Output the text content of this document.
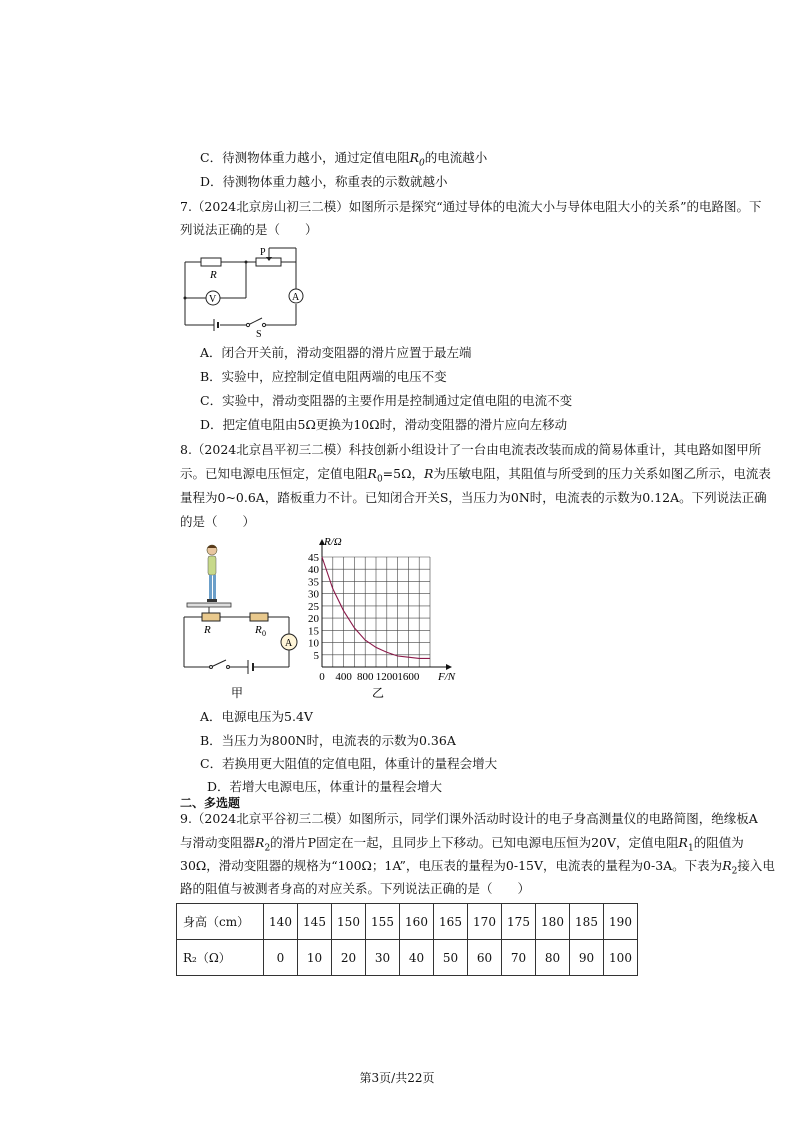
C．待测物体重力越小，通过定值电阻$R_0$的电流越小
D．待测物体重力越小，称重表的示数就越小
7.（2024北京房山初三二模）如图所示是探究“通过导体的电流大小与导体电阻大小的关系”的电路图。下
列说法正确的是（　　）
R
P
V	A
S
A．闭合开关前，滑动变阻器的滑片应置于最左端
B．实验中，应控制定值电阻两端的电压不变
C．实验中，滑动变阻器的主要作用是控制通过定值电阻的电流不变
D．把定值电阻由5Ω更换为10Ω时，滑动变阻器的滑片应向左移动
8.（2024北京昌平初三二模）科技创新小组设计了一台由电流表改装而成的简易体重计，其电路如图甲所
示。已知电源电压恒定，定值电阻$R_0=5\Omega$，R为压敏电阻，其阻值与所受到的压力关系如图乙所示，电流表
量程为0~0.6A，踏板重力不计。已知闭合开关S，当压力为0N时，电流表的示数为0.12A。下列说法正确
的是（　　）
A
R	R 0
甲
5
10
15
20
25
30
35
40
45
0 400 800 1200 1600
R/Ω
F/N
乙
A．电源电压为5.4V
B．当压力为800N时，电流表的示数为0.36A
C．若换用更大阻值的定值电阻，体重计的量程会增大
D．若增大电源电压，体重计的量程会增大
二、多选题
9.（2024北京平谷初三二模）如图所示，同学们课外活动时设计的电子身高测量仪的电路简图，绝缘板A
与滑动变阻器$R_2$的滑片P固定在一起，且同步上下移动。已知电源电压恒为20V，定值电阻$R_1$的阻值为
30Ω，滑动变阻器的规格为“100Ω；1A”，电压表的量程为0-15V，电流表的量程为0-3A。下表为$R_2$接入电
路的阻值与被测者身高的对应关系。下列说法正确的是（　　）
身高（cm）	140	145	150	155	160	165	170	175	180	185	190
R₂（Ω）	0	10	20	30	40	50	60	70	80	90	100
第3页/共22页
